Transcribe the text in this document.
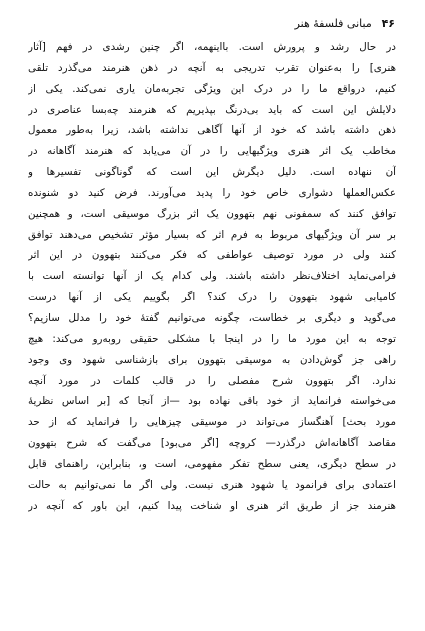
۴۶ مبانی فلسفهٔ هنر
در حال رشد و پرورش است. بااینهمه، اگر چنین رشدی در فهم [آثار
هنری] را به‌عنوان تقرب تدریجی به آنچه در ذهن هنرمند می‌گذرد تلقی
کنیم، درواقع ما را در درک این ویژگی تجربه‌مان یاری نمی‌کند. یکی از
دلایلش این است که باید بی‌درنگ بپذیریم که هنرمند چه‌بسا عناصری در
ذهن داشته باشد که خود از آنها آگاهی نداشته باشد، زیرا به‌طور معمول
مخاطب یک اثر هنری ویژگیهایی را در آن می‌یابد که هنرمند آگاهانه در
آن ننهاده است. دلیل دیگرش این است که گوناگونی تفسیرها و
عکس‌العملها دشواری خاص خود را پدید می‌آورند. فرض کنید دو شنونده
توافق کنند که سمفونی نهم بتهوون یک اثر بزرگ موسیقی است، و همچنین
بر سر آن ویژگیهای مربوط به فرم اثر که بسیار مؤثر تشخیص می‌دهند توافق
کنند ولی در مورد توصیف عواطفی که فکر می‌کنند بتهوون در این اثر
فرامی‌نماید اختلاف‌نظر داشته باشند. ولی کدام یک از آنها توانسته است با
کامیابی شهود بتهوون را درک کند؟ اگر بگوییم یکی از آنها درست
می‌گوید و دیگری بر خطاست، چگونه می‌توانیم گفتهٔ خود را مدلل سازیم؟
توجه به این مورد ما را در اینجا با مشکلی حقیقی روبه‌رو می‌کند: هیچ
راهی جز گوش‌دادن به موسیقی بتهوون برای بازشناسی شهود وی وجود
ندارد. اگر بتهوون شرح مفصلی را در قالب کلمات در مورد آنچه
می‌خواسته فرانماید از خود باقی نهاده بود —از آنجا که [بر اساس نظریهٔ
مورد بحث] آهنگساز می‌تواند در موسیقی چیزهایی را فرانماید که از حد
مقاصد آگاهانه‌اش درگذرد— کروچه [اگر می‌بود] می‌گفت که شرح بتهوون
در سطح دیگری، یعنی سطح تفکر مفهومی، است و، بنابراین، راهنمای قابل
اعتمادی برای فرانمود یا شهود هنری نیست. ولی اگر ما نمی‌توانیم به حالت
هنرمند جز از طریق اثر هنری او شناخت پیدا کنیم، این باور که آنچه در
